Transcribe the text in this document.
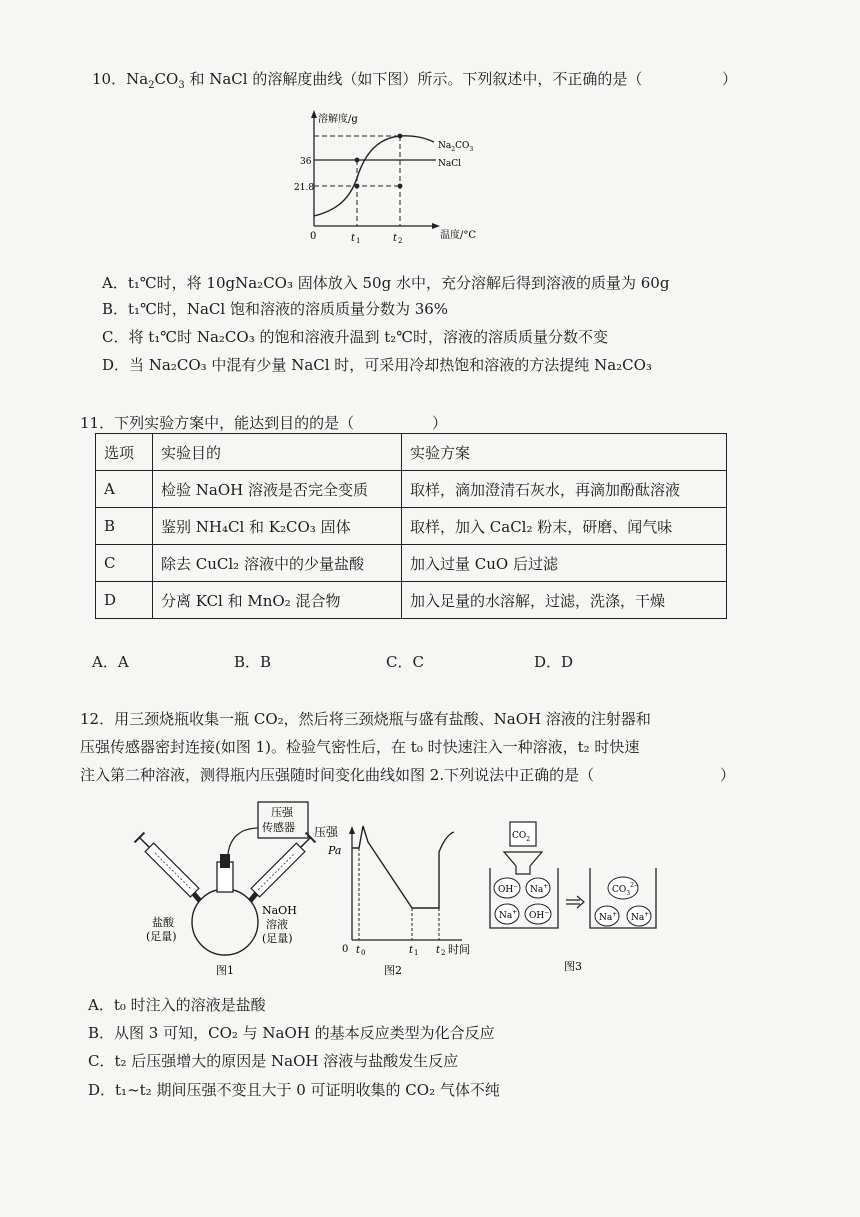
10．$Na_2CO_3$ 和 NaCl 的溶解度曲线（如下图）所示。下列叙述中，不正确的是（	）
溶解度/g
温度/°C
0
36
21.8
t 1	t 2
$Na_2CO_3$
NaCl
A．t₁℃时，将 10gNa₂CO₃ 固体放入 50g 水中，充分溶解后得到溶液的质量为 60g
B．t₁℃时，NaCl 饱和溶液的溶质质量分数为 36%
C．将 t₁℃时 Na₂CO₃ 的饱和溶液升温到 t₂℃时，溶液的溶质质量分数不变
D．当 Na₂CO₃ 中混有少量 NaCl 时，可采用冷却热饱和溶液的方法提纯 Na₂CO₃
11．下列实验方案中，能达到目的的是（	）
选项	实验目的	实验方案
A	检验 NaOH 溶液是否完全变质	取样，滴加澄清石灰水，再滴加酚酞溶液
B	鉴别 NH₄Cl 和 K₂CO₃ 固体	取样，加入 CaCl₂ 粉末，研磨、闻气味
C	除去 CuCl₂ 溶液中的少量盐酸	加入过量 CuO 后过滤
D	分离 KCl 和 MnO₂ 混合物	加入足量的水溶解，过滤，洗涤，干燥
A．A	B．B	C．C	D．D
12．用三颈烧瓶收集一瓶 CO₂，然后将三颈烧瓶与盛有盐酸、NaOH 溶液的注射器和
压强传感器密封连接(如图 1)。检验气密性后，在 t₀ 时快速注入一种溶液，t₂ 时快速
注入第二种溶液，测得瓶内压强随时间变化曲线如图 2.下列说法中正确的是（	）
压强
传感器
盐酸
(足量)
NaOH
溶液
(足量)
图1
压强
Pa
0 t 0	t 1 t 2 时间
图2
$CO_2$
OH− Na+
Na+ OH−
$CO_3^{2-}$
Na+ Na+
图3
A．t₀ 时注入的溶液是盐酸
B．从图 3 可知，CO₂ 与 NaOH 的基本反应类型为化合反应
C．t₂ 后压强增大的原因是 NaOH 溶液与盐酸发生反应
D．t₁~t₂ 期间压强不变且大于 0 可证明收集的 CO₂ 气体不纯
